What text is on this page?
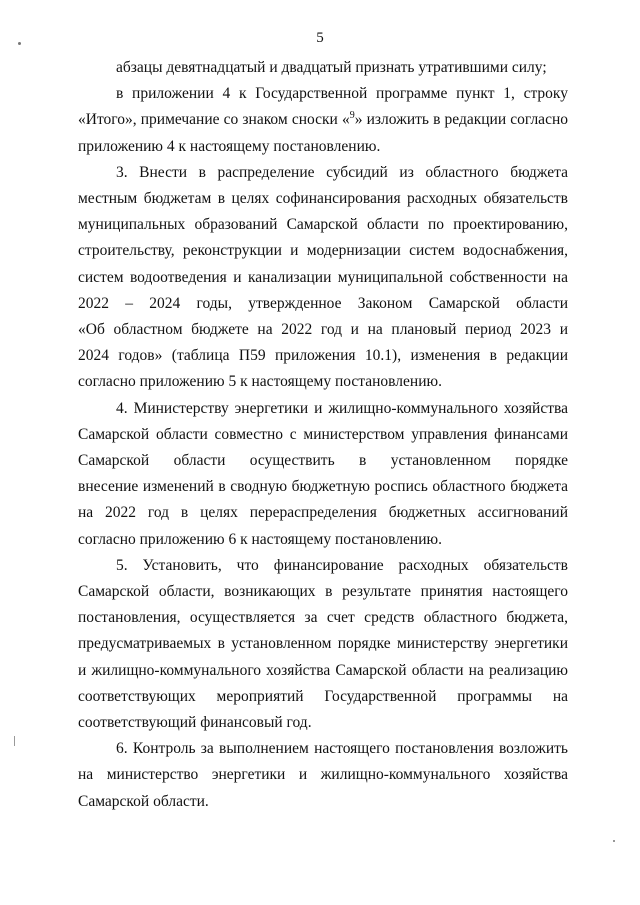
5

абзацы девятнадцатый и двадцатый признать утратившими силу;

в приложении 4 к Государственной программе пункт 1, строку
«Итого», примечание со знаком сноски «$^9$» изложить в редакции согласно
приложению 4 к настоящему постановлению.

3. Внести в распределение субсидий из областного бюджета
местным бюджетам в целях софинансирования расходных обязательств
муниципальных образований Самарской области по проектированию,
строительству, реконструкции и модернизации систем водоснабжения,
систем водоотведения и канализации муниципальной собственности на
2022 – 2024 годы, утвержденное Законом Самарской области
«Об областном бюджете на 2022 год и на плановый период 2023 и
2024 годов» (таблица П59 приложения 10.1), изменения в редакции
согласно приложению 5 к настоящему постановлению.

4. Министерству энергетики и жилищно-коммунального хозяйства
Самарской области совместно с министерством управления финансами
Самарской области осуществить в установленном порядке
внесение изменений в сводную бюджетную роспись областного бюджета
на 2022 год в целях перераспределения бюджетных ассигнований
согласно приложению 6 к настоящему постановлению.

5. Установить, что финансирование расходных обязательств
Самарской области, возникающих в результате принятия настоящего
постановления, осуществляется за счет средств областного бюджета,
предусматриваемых в установленном порядке министерству энергетики
и жилищно-коммунального хозяйства Самарской области на реализацию
соответствующих мероприятий Государственной программы на
соответствующий финансовый год.

6. Контроль за выполнением настоящего постановления возложить
на министерство энергетики и жилищно-коммунального хозяйства
Самарской области.
